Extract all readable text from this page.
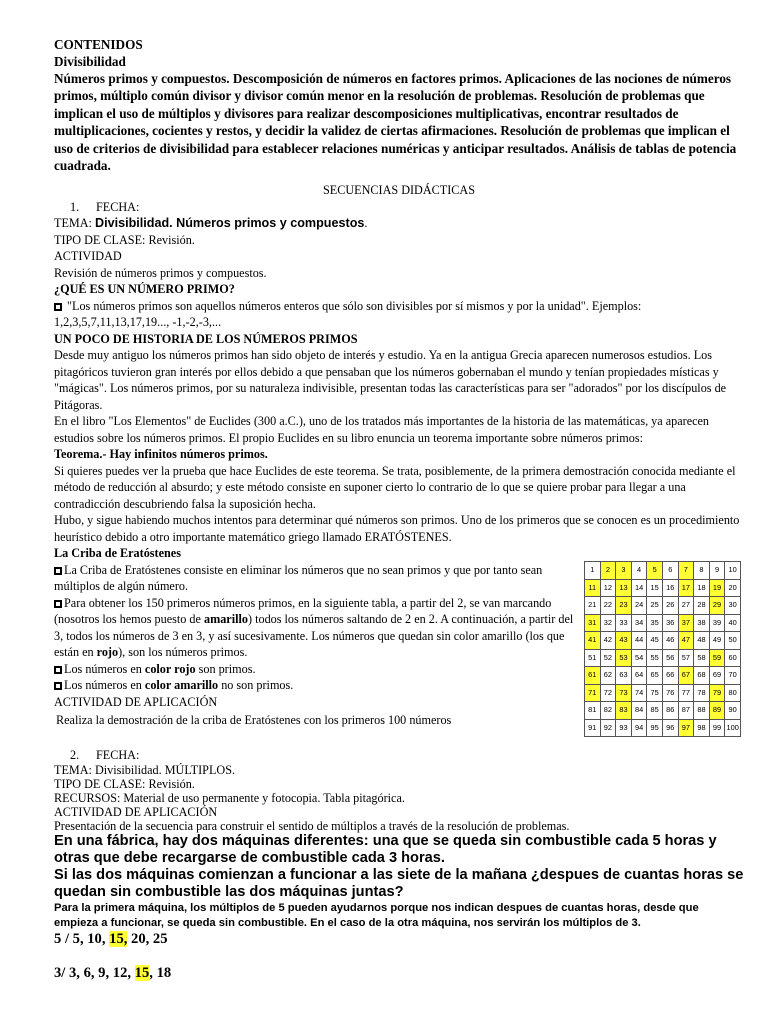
CONTENIDOS
Divisibilidad
Números primos y compuestos. Descomposición de números en factores primos. Aplicaciones de las nociones de números primos, múltiplo común divisor y divisor común menor en la resolución de problemas. Resolución de problemas que implican el uso de múltiplos y divisores para realizar descomposiciones multiplicativas, encontrar resultados de multiplicaciones, cocientes y restos, y decidir la validez de ciertas afirmaciones. Resolución de problemas que implican el uso de criterios de divisibilidad para establecer relaciones numéricas y anticipar resultados. Análisis de tablas de potencia cuadrada.
SECUENCIAS DIDÁCTICAS
1. FECHA:
TEMA: Divisibilidad. Números primos y compuestos.
TIPO DE CLASE: Revisión.
ACTIVIDAD
Revisión de números primos y compuestos.
¿QUÉ ES UN NÚMERO PRIMO?
"Los números primos son aquellos números enteros que sólo son divisibles por sí mismos y por la unidad". Ejemplos:
1,2,3,5,7,11,13,17,19..., -1,-2,-3,...
UN POCO DE HISTORIA DE LOS NÚMEROS PRIMOS
Desde muy antiguo los números primos han sido objeto de interés y estudio. Ya en la antigua Grecia aparecen numerosos estudios. Los pitagóricos tuvieron gran interés por ellos debido a que pensaban que los números gobernaban el mundo y tenían propiedades místicas y "mágicas". Los números primos, por su naturaleza indivisible, presentan todas las características para ser "adorados" por los discípulos de Pitágoras.
En el libro "Los Elementos" de Euclides (300 a.C.), uno de los tratados más importantes de la historia de las matemáticas, ya aparecen estudios sobre los números primos. El propio Euclides en su libro enuncia un teorema importante sobre números primos:
Teorema.- Hay infinitos números primos.
Si quieres puedes ver la prueba que hace Euclides de este teorema. Se trata, posiblemente, de la primera demostración conocida mediante el método de reducción al absurdo; y este método consiste en suponer cierto lo contrario de lo que se quiere probar para llegar a una contradicción descubriendo falsa la suposición hecha.
Hubo, y sigue habiendo muchos intentos para determinar qué números son primos. Uno de los primeros que se conocen es un procedimiento heurístico debido a otro importante matemático griego llamado ERATÓSTENES.
La Criba de Eratóstenes
1	2	3	4	5	6	7	8	9	10
11	12	13	14	15	16	17	18	19	20
21	22	23	24	25	26	27	28	29	30
31	32	33	34	35	36	37	38	39	40
41	42	43	44	45	46	47	48	49	50
51	52	53	54	55	56	57	58	59	60
61	62	63	64	65	66	67	68	69	70
71	72	73	74	75	76	77	78	79	80
81	82	83	84	85	86	87	88	89	90
91	92	93	94	95	96	97	98	99	100
La Criba de Eratóstenes consiste en eliminar los números que no sean primos y que por tanto sean múltiplos de algún número.
Para obtener los 150 primeros números primos, en la siguiente tabla, a partir del 2, se van marcando (nosotros los hemos puesto de amarillo) todos los números saltando de 2 en 2. A continuación, a partir del 3, todos los números de 3 en 3, y así sucesivamente. Los números que quedan sin color amarillo (los que están en rojo), son los números primos.
Los números en color rojo son primos.
Los números en color amarillo no son primos.
ACTIVIDAD DE APLICACIÓN
Realiza la demostración de la criba de Eratóstenes con los primeros 100 números
2. FECHA:
TEMA: Divisibilidad. MÚLTIPLOS.
TIPO DE CLASE: Revisión.
RECURSOS: Material de uso permanente y fotocopia. Tabla pitagórica.
ACTIVIDAD DE APLICACIÓN
Presentación de la secuencia para construir el sentido de múltiplos a través de la resolución de problemas.
En una fábrica, hay dos máquinas diferentes: una que se queda sin combustible cada 5 horas y otras que debe recargarse de combustible cada 3 horas.
Si las dos máquinas comienzan a funcionar a las siete de la mañana ¿despues de cuantas horas se quedan sin combustible las dos máquinas juntas?
Para la primera máquina, los múltiplos de 5 pueden ayudarnos porque nos indican despues de cuantas horas, desde que empieza a funcionar, se queda sin combustible. En el caso de la otra máquina, nos servirán los múltiplos de 3.
5 / 5, 10, 15, 20, 25
3/ 3, 6, 9, 12, 15, 18
